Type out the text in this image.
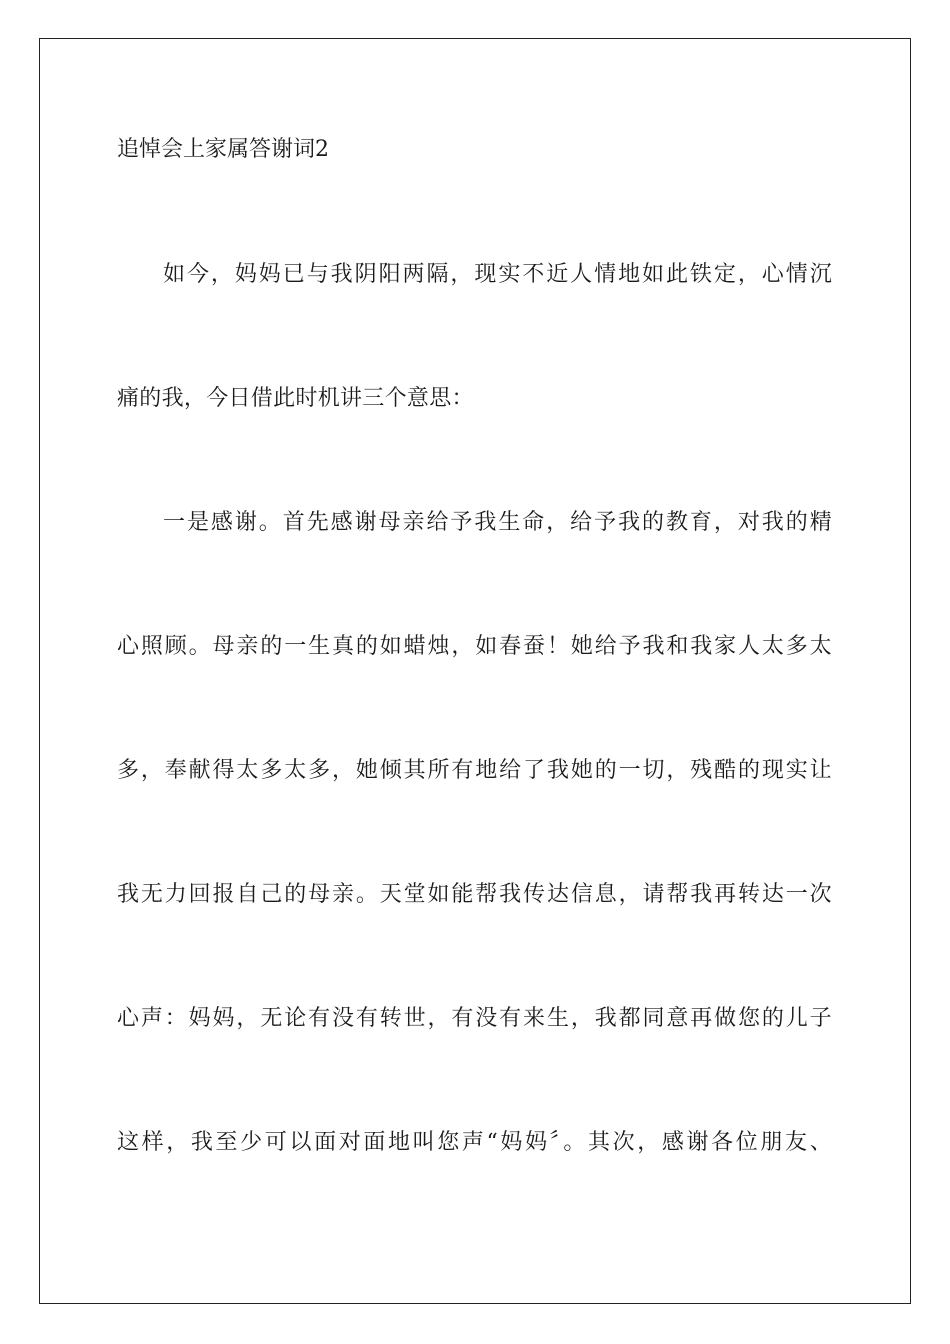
追悼会上家属答谢词2
如今，妈妈已与我阴阳两隔，现实不近人情地如此铁定，心情沉
痛的我，今日借此时机讲三个意思：
一是感谢。首先感谢母亲给予我生命，给予我的教育，对我的精
心照顾。母亲的一生真的如蜡烛，如春蚕！她给予我和我家人太多太
多，奉献得太多太多，她倾其所有地给了我她的一切，残酷的现实让
我无力回报自己的母亲。天堂如能帮我传达信息，请帮我再转达一次
心声：妈妈，无论有没有转世，有没有来生，我都同意再做您的儿子
这样，我至少可以面对面地叫您声“妈妈〞。其次，感谢各位朋友、
